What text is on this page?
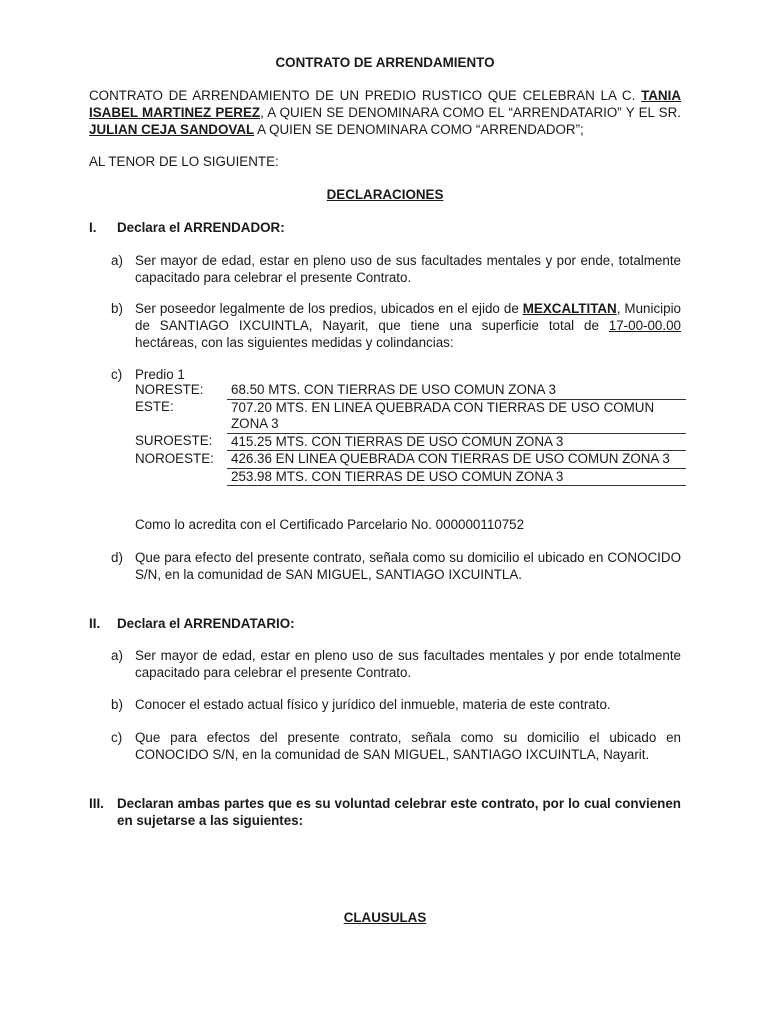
CONTRATO DE ARRENDAMIENTO
CONTRATO DE ARRENDAMIENTO DE UN PREDIO RUSTICO QUE CELEBRAN LA C. TANIA ISABEL MARTINEZ PEREZ, A QUIEN SE DENOMINARA COMO EL “ARRENDATARIO” Y EL SR. JULIAN CEJA SANDOVAL A QUIEN SE DENOMINARA COMO “ARRENDADOR”;
AL TENOR DE LO SIGUIENTE:
DECLARACIONES
I. Declara el ARRENDADOR:
a) Ser mayor de edad, estar en pleno uso de sus facultades mentales y por ende, totalmente capacitado para celebrar el presente Contrato.
b) Ser poseedor legalmente de los predios, ubicados en el ejido de MEXCALTITAN, Municipio de SANTIAGO IXCUINTLA, Nayarit, que tiene una superficie total de 17-00-00.00 hectáreas, con las siguientes medidas y colindancias:
c) Predio 1
NORESTE:	68.50 MTS. CON TIERRAS DE USO COMUN ZONA 3
ESTE:	707.20 MTS. EN LINEA QUEBRADA CON TIERRAS DE USO COMUN ZONA 3
SUROESTE:	415.25 MTS. CON TIERRAS DE USO COMUN ZONA 3
NOROESTE:	426.36 EN LINEA QUEBRADA CON TIERRAS DE USO COMUN ZONA 3
	253.98 MTS. CON TIERRAS DE USO COMUN ZONA 3
Como lo acredita con el Certificado Parcelario No. 000000110752
d) Que para efecto del presente contrato, señala como su domicilio el ubicado en CONOCIDO S/N, en la comunidad de SAN MIGUEL, SANTIAGO IXCUINTLA.
II. Declara el ARRENDATARIO:
a) Ser mayor de edad, estar en pleno uso de sus facultades mentales y por ende totalmente capacitado para celebrar el presente Contrato.
b) Conocer el estado actual físico y jurídico del inmueble, materia de este contrato.
c) Que para efectos del presente contrato, señala como su domicilio el ubicado en CONOCIDO S/N, en la comunidad de SAN MIGUEL, SANTIAGO IXCUINTLA, Nayarit.
III. Declaran ambas partes que es su voluntad celebrar este contrato, por lo cual convienen en sujetarse a las siguientes:
CLAUSULAS
